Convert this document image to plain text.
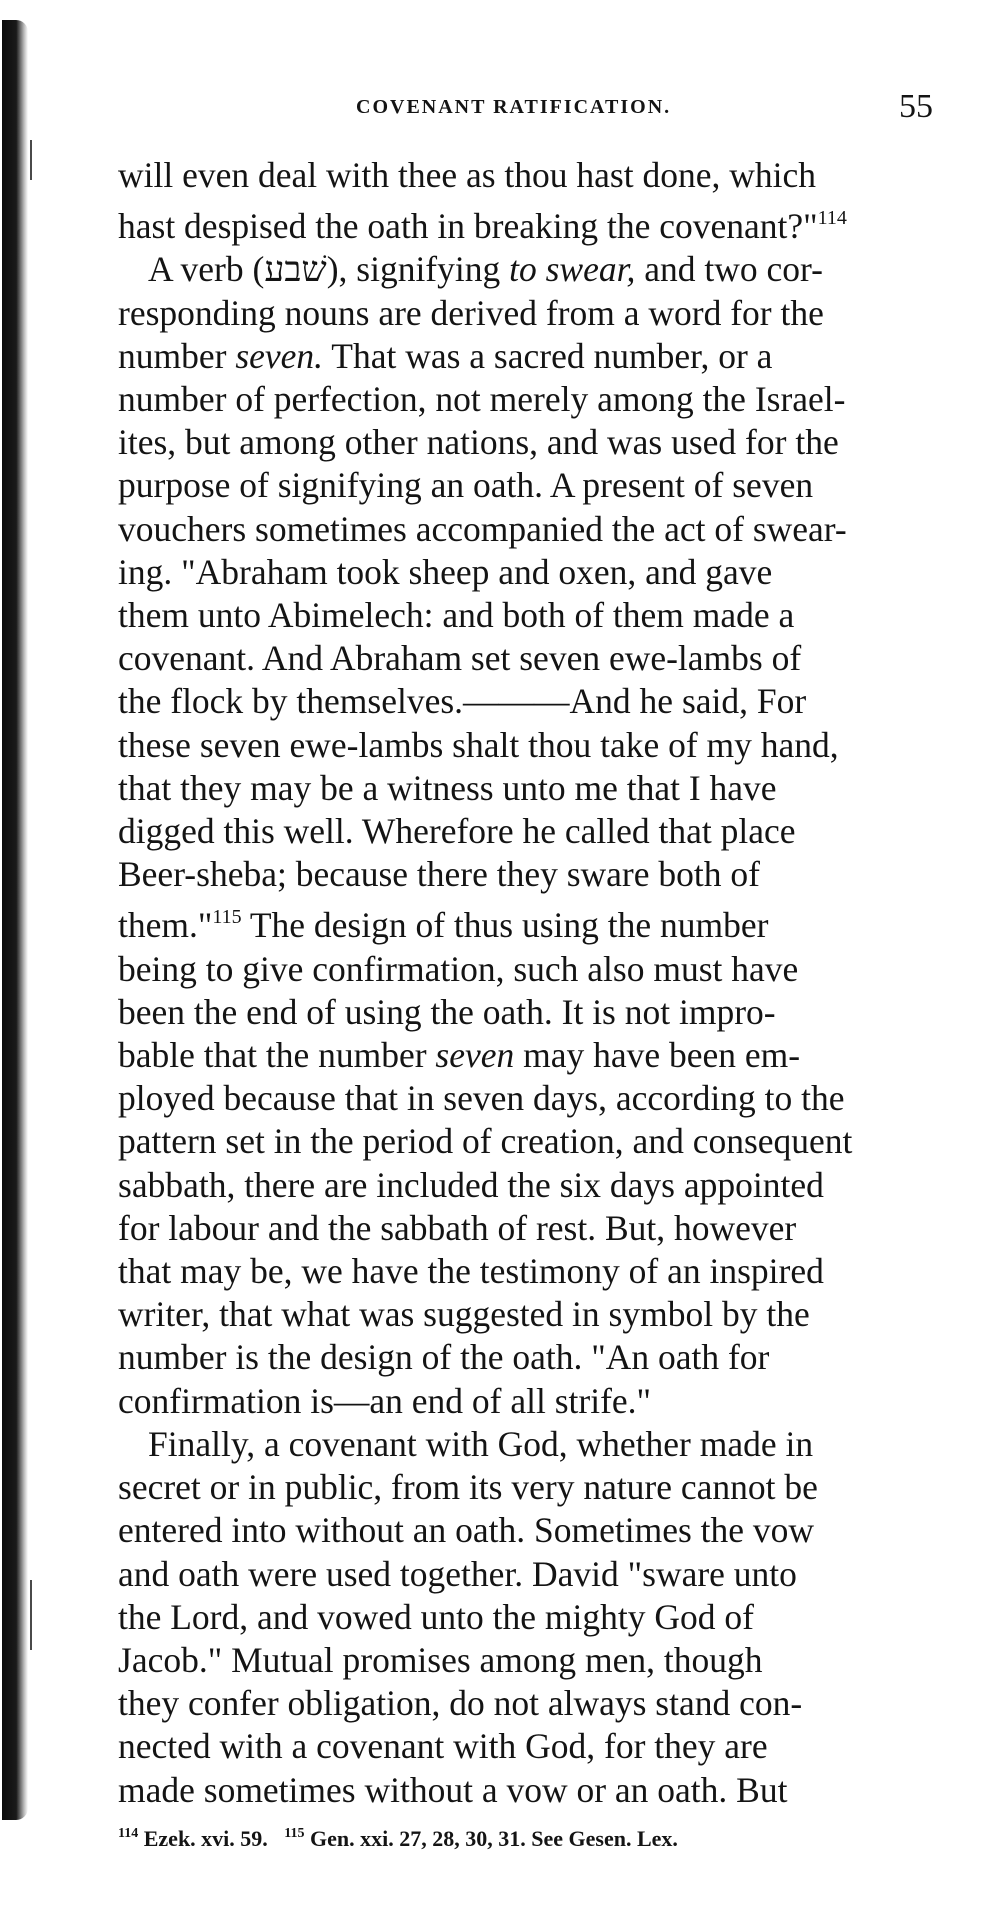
COVENANT RATIFICATION.	55
will even deal with thee as thou hast done, which
hast despised the oath in breaking the covenant?"$^{114}$
A verb (שׁבע), signifying to swear, and two cor-
responding nouns are derived from a word for the
number seven. That was a sacred number, or a
number of perfection, not merely among the Israel-
ites, but among other nations, and was used for the
purpose of signifying an oath. A present of seven
vouchers sometimes accompanied the act of swear-
ing. "Abraham took sheep and oxen, and gave
them unto Abimelech: and both of them made a
covenant. And Abraham set seven ewe-lambs of
the flock by themselves.———And he said, For
these seven ewe-lambs shalt thou take of my hand,
that they may be a witness unto me that I have
digged this well. Wherefore he called that place
Beer-sheba; because there they sware both of
them."$^{115}$ The design of thus using the number
being to give confirmation, such also must have
been the end of using the oath. It is not impro-
bable that the number seven may have been em-
ployed because that in seven days, according to the
pattern set in the period of creation, and consequent
sabbath, there are included the six days appointed
for labour and the sabbath of rest. But, however
that may be, we have the testimony of an inspired
writer, that what was suggested in symbol by the
number is the design of the oath. "An oath for
confirmation is—an end of all strife."
Finally, a covenant with God, whether made in
secret or in public, from its very nature cannot be
entered into without an oath. Sometimes the vow
and oath were used together. David "sware unto
the Lord, and vowed unto the mighty God of
Jacob." Mutual promises among men, though
they confer obligation, do not always stand con-
nected with a covenant with God, for they are
made sometimes without a vow or an oath. But
$^{114}$ Ezek. xvi. 59. $^{115}$ Gen. xxi. 27, 28, 30, 31. See Gesen. Lex.
